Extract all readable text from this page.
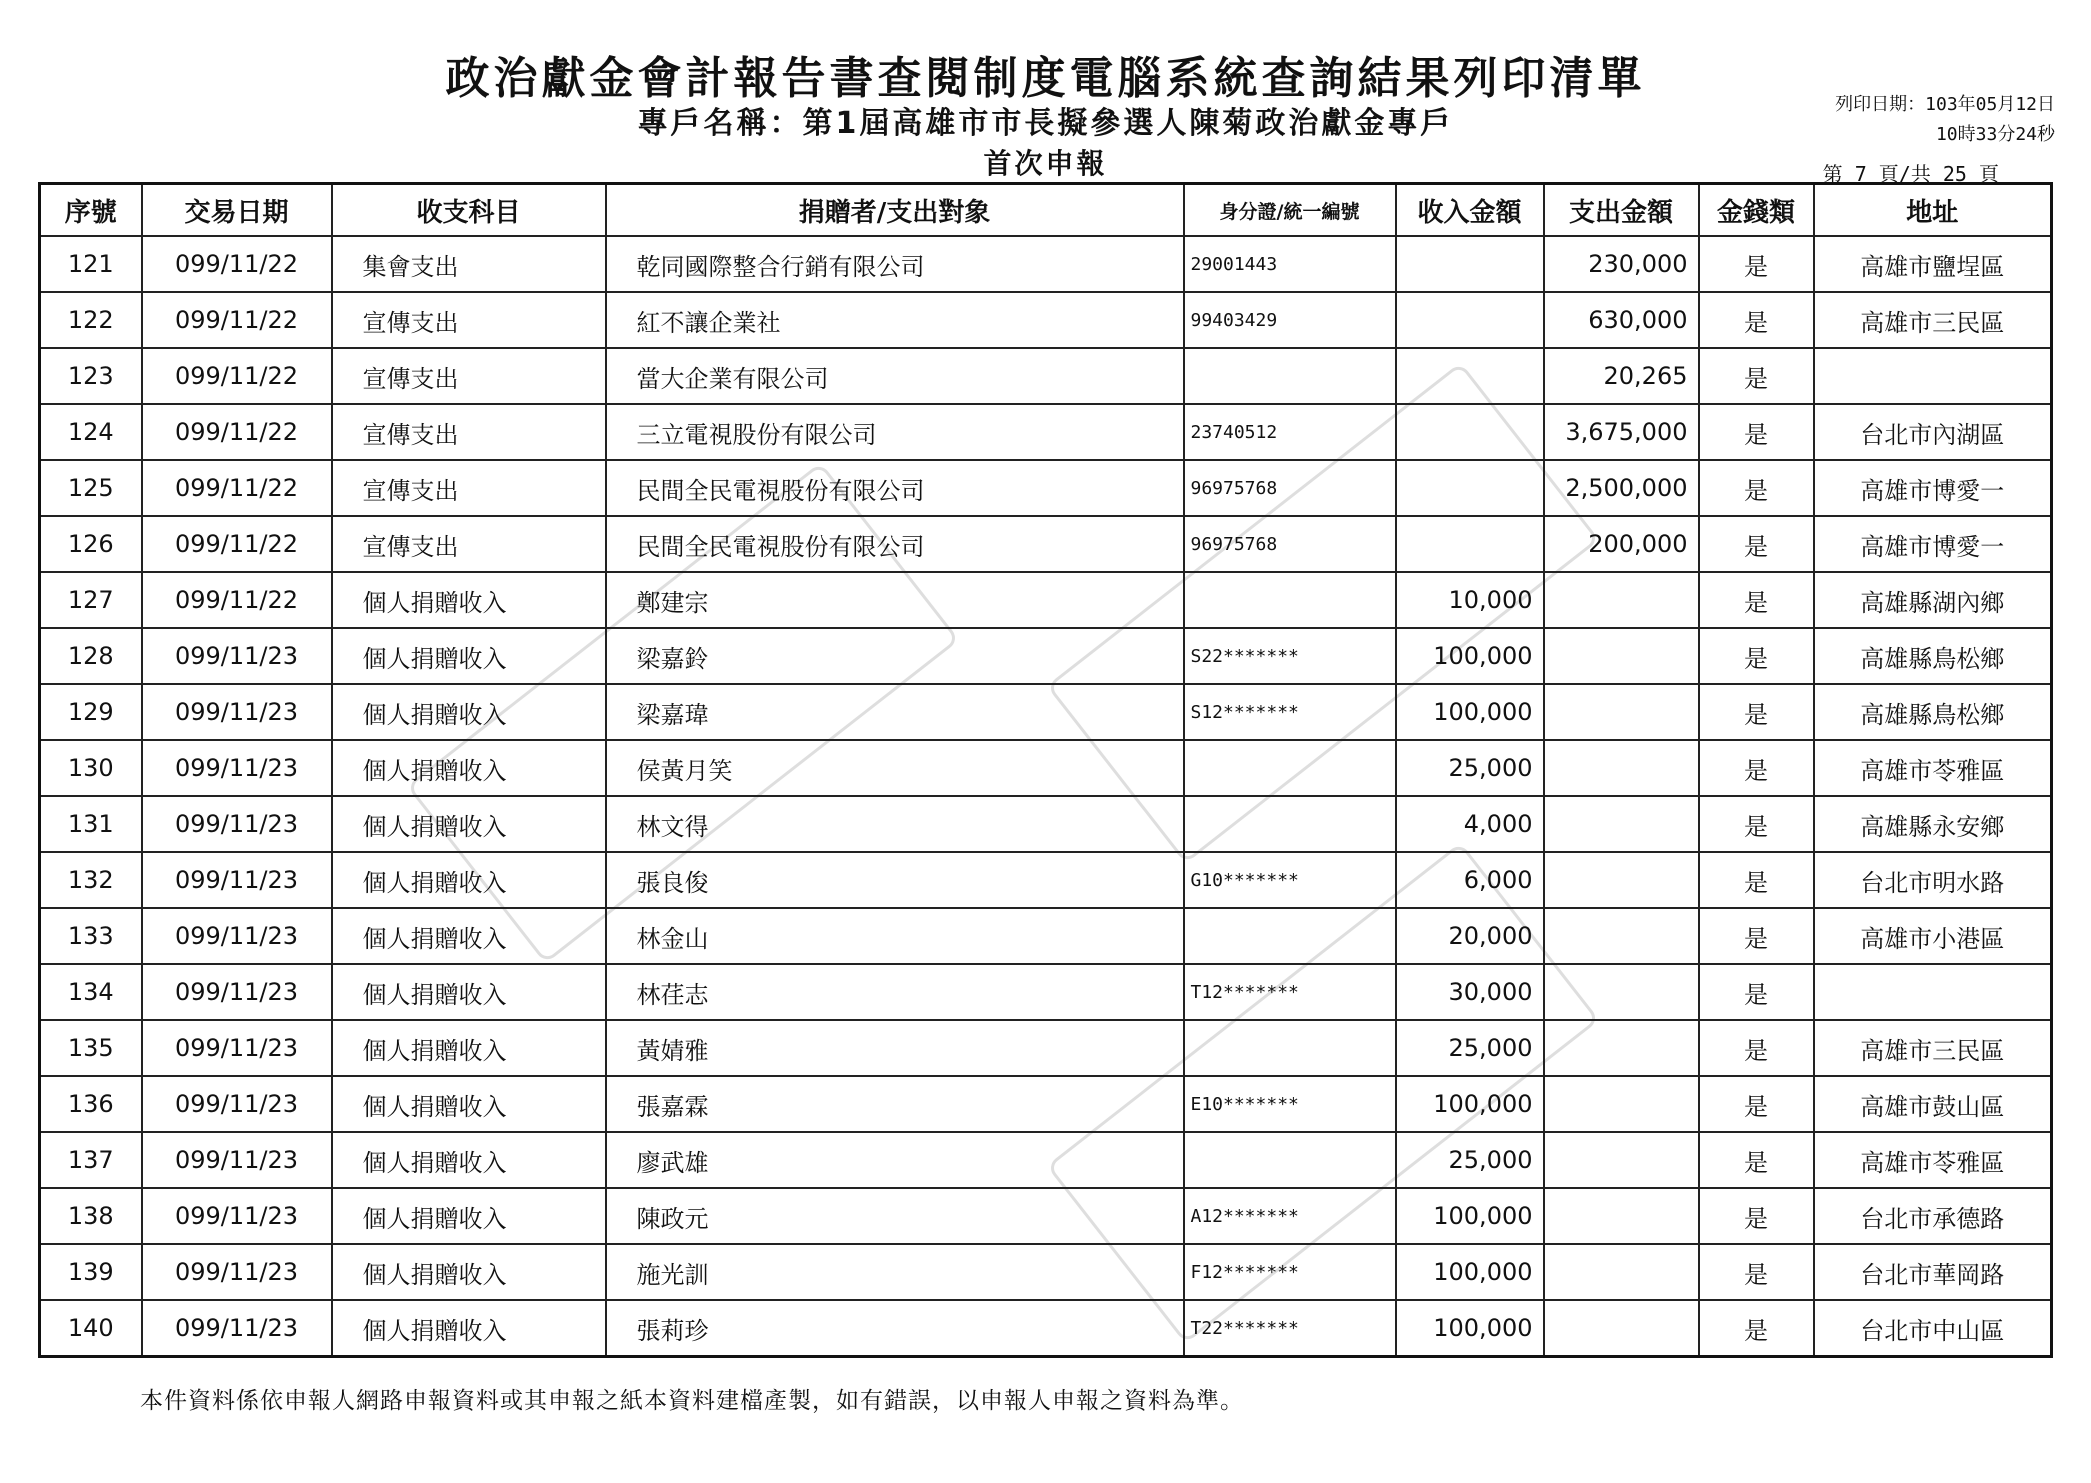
政治獻金會計報告書查閱制度電腦系統查詢結果列印清單
專戶名稱：第1屆高雄市市長擬參選人陳菊政治獻金專戶
首次申報
列印日期：103年05月12日
10時33分24秒
第 7 頁/共 25 頁
序號	交易日期	收支科目	捐贈者/支出對象	身分證/統一編號	收入金額	支出金額	金錢類	地址
121	099/11/22	集會支出	乾同國際整合行銷有限公司	29001443		230,000	是	高雄市鹽埕區
122	099/11/22	宣傳支出	紅不讓企業社	99403429		630,000	是	高雄市三民區
123	099/11/22	宣傳支出	當大企業有限公司			20,265	是	
124	099/11/22	宣傳支出	三立電視股份有限公司	23740512		3,675,000	是	台北市內湖區
125	099/11/22	宣傳支出	民間全民電視股份有限公司	96975768		2,500,000	是	高雄市博愛一
126	099/11/22	宣傳支出	民間全民電視股份有限公司	96975768		200,000	是	高雄市博愛一
127	099/11/22	個人捐贈收入	鄭建宗		10,000		是	高雄縣湖內鄉
128	099/11/23	個人捐贈收入	梁嘉鈴	S22*******	100,000		是	高雄縣鳥松鄉
129	099/11/23	個人捐贈收入	梁嘉瑋	S12*******	100,000		是	高雄縣鳥松鄉
130	099/11/23	個人捐贈收入	侯黃月笑		25,000		是	高雄市苓雅區
131	099/11/23	個人捐贈收入	林文得		4,000		是	高雄縣永安鄉
132	099/11/23	個人捐贈收入	張良俊	G10*******	6,000		是	台北市明水路
133	099/11/23	個人捐贈收入	林金山		20,000		是	高雄市小港區
134	099/11/23	個人捐贈收入	林荏志	T12*******	30,000		是	
135	099/11/23	個人捐贈收入	黃婧雅		25,000		是	高雄市三民區
136	099/11/23	個人捐贈收入	張嘉霖	E10*******	100,000		是	高雄市鼓山區
137	099/11/23	個人捐贈收入	廖武雄		25,000		是	高雄市苓雅區
138	099/11/23	個人捐贈收入	陳政元	A12*******	100,000		是	台北市承德路
139	099/11/23	個人捐贈收入	施光訓	F12*******	100,000		是	台北市華岡路
140	099/11/23	個人捐贈收入	張莉珍	T22*******	100,000		是	台北市中山區
本件資料係依申報人網路申報資料或其申報之紙本資料建檔產製，如有錯誤，以申報人申報之資料為準。
